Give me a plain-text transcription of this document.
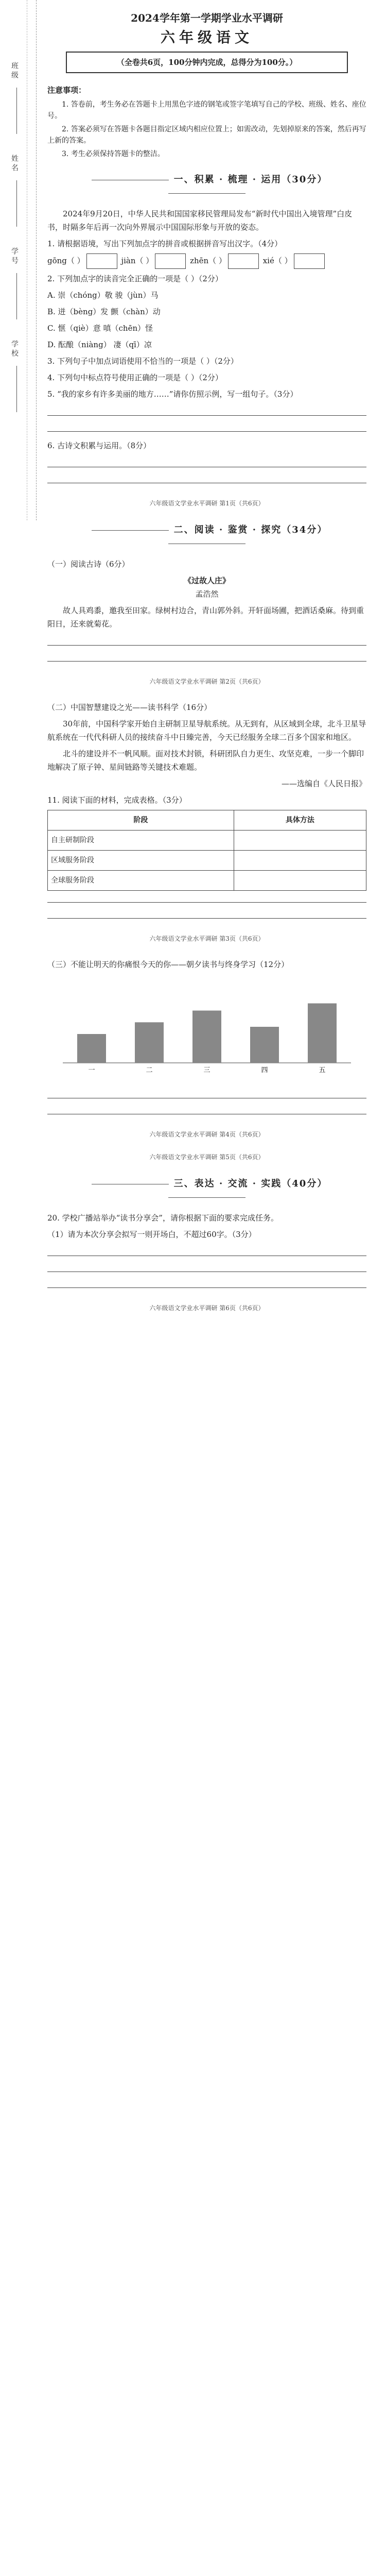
班级
姓名
学号
学校
2024学年第一学期学业水平调研
六年级语文
（全卷共6页，100分钟内完成，总得分为100分。）
注意事项：

1. 答卷前，考生务必在答题卡上用黑色字迹的钢笔或签字笔填写自己的学校、班级、姓名、座位号。

2. 答案必须写在答题卡各题目指定区域内相应位置上；如需改动，先划掉原来的答案，然后再写上新的答案。

3. 考生必须保持答题卡的整洁。

一、积累 · 梳理 · 运用（30分）

2024年9月20日，中华人民共和国国家移民管理局发布“新时代中国出入境管理”白皮书，时隔多年后再一次向外界展示中国国际形象与开放的姿态。

1. 请根据语境，写出下列加点字的拼音或根据拼音写出汉字。（4分）

gōng（ ）	jiàn（ ）	zhēn（ ）	xié（ ）

2. 下列加点字的读音完全正确的一项是（ ）（2分）

A. 崇（chóng）敬 骏（jùn）马

B. 迸（bèng）发 颤（chàn）动

C. 惬（qiè）意 嗔（chēn）怪

D. 酝酿（niàng） 凄（qī）凉

3. 下列句子中加点词语使用不恰当的一项是（ ）（2分）

4. 下列句中标点符号使用正确的一项是（ ）（2分）

5. “我的家乡有许多美丽的地方……”请你仿照示例，写一组句子。（3分）

6. 古诗文积累与运用。（8分）

六年级语文学业水平调研 第1页（共6页）
二、阅读 · 鉴赏 · 探究（34分）

（一）阅读古诗（6分）

《过故人庄》
孟浩然

故人具鸡黍，邀我至田家。绿树村边合，青山郭外斜。开轩面场圃，把酒话桑麻。待到重阳日，还来就菊花。

六年级语文学业水平调研 第2页（共6页）

（二）中国智慧建设之光——读书科学（16分）

30年前，中国科学家开始自主研制卫星导航系统。从无到有，从区域到全球，北斗卫星导航系统在一代代科研人员的接续奋斗中日臻完善，今天已经服务全球二百多个国家和地区。

北斗的建设并不一帆风顺。面对技术封锁，科研团队自力更生、攻坚克难，一步一个脚印地解决了原子钟、星间链路等关键技术难题。

——选编自《人民日报》

11. 阅读下面的材料，完成表格。（3分）

阶段	具体方法
自主研制阶段	
区域服务阶段	
全球服务阶段	

六年级语文学业水平调研 第3页（共6页）

（三）不能让明天的你痛恨今天的你——朝夕读书与终身学习（12分）

一	二	三	四	五

六年级语文学业水平调研 第4页（共6页）
六年级语文学业水平调研 第5页（共6页）
三、表达 · 交流 · 实践（40分）

20. 学校广播站举办“读书分享会”，请你根据下面的要求完成任务。

（1）请为本次分享会拟写一则开场白，不超过60字。（3分）

六年级语文学业水平调研 第6页（共6页）
